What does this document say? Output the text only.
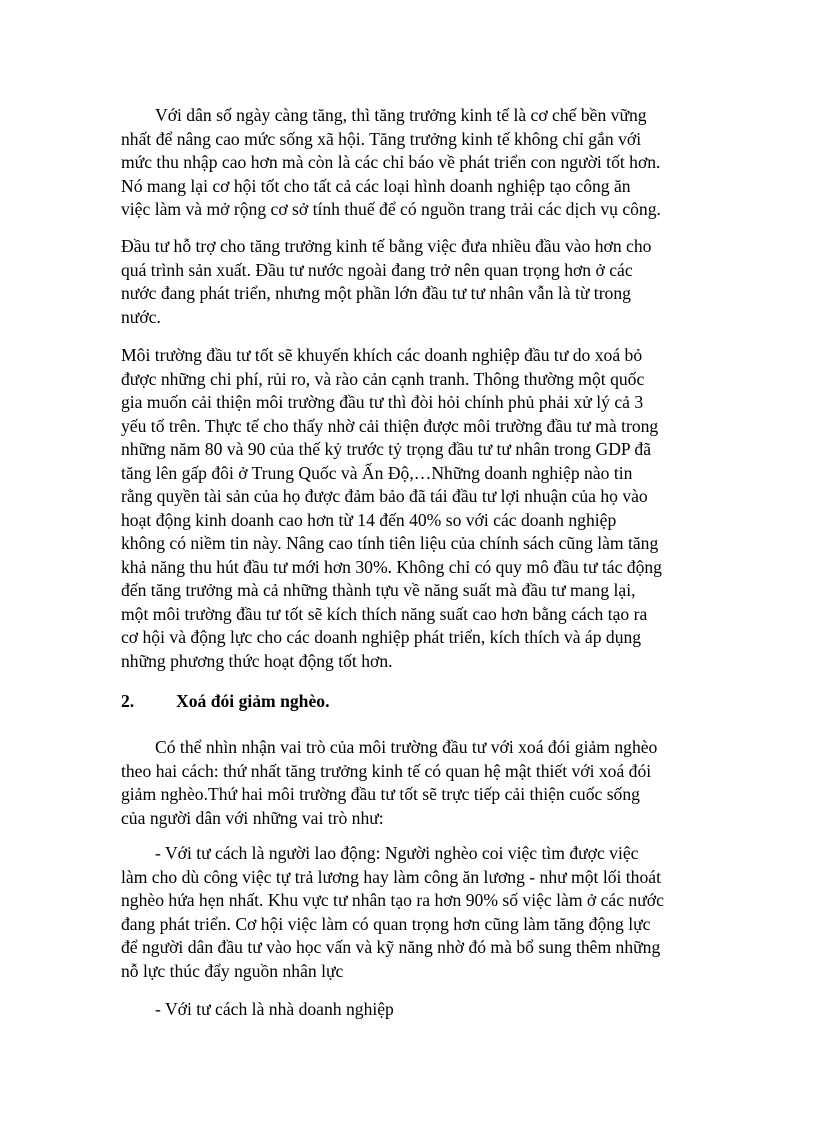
Với dân số ngày càng tăng, thì tăng trưởng kinh tế là cơ chế bền vững
nhất để nâng cao mức sống xã hội. Tăng trưởng kinh tế không chỉ gắn với
mức thu nhập cao hơn mà còn là các chỉ báo về phát triển con người tốt hơn.
Nó mang lại cơ hội tốt cho tất cả các loại hình doanh nghiệp tạo công ăn
việc làm và mở rộng cơ sở tính thuế để có nguồn trang trải các dịch vụ công.
Đầu tư hỗ trợ cho tăng trưởng kinh tế bằng việc đưa nhiều đầu vào hơn cho
quá trình sản xuất. Đầu tư nước ngoài đang trở nên quan trọng hơn ở các
nước đang phát triển, nhưng một phần lớn đầu tư tư nhân vẫn là từ trong
nước.
Môi trường đầu tư tốt sẽ khuyến khích các doanh nghiệp đầu tư do xoá bỏ
được những chi phí, rủi ro, và rào cản cạnh tranh. Thông thường một quốc
gia muốn cải thiện môi trường đầu tư thì đòi hỏi chính phủ phải xử lý cả 3
yếu tố trên. Thực tế cho thấy nhờ cải thiện được môi trường đầu tư mà trong
những năm 80 và 90 của thế kỷ trước tỷ trọng đầu tư tư nhân trong GDP đã
tăng lên gấp đôi ở Trung Quốc và Ấn Độ,…Những doanh nghiệp nào tin
rằng quyền tài sản của họ được đảm bảo đã tái đầu tư lợi nhuận của họ vào
hoạt động kinh doanh cao hơn từ 14 đến 40% so với các doanh nghiệp
không có niềm tin này. Nâng cao tính tiên liệu của chính sách cũng làm tăng
khả năng thu hút đầu tư mới hơn 30%. Không chỉ có quy mô đầu tư tác động
đến tăng trưởng mà cả những thành tựu về năng suất mà đầu tư mang lại,
một môi trường đầu tư tốt sẽ kích thích năng suất cao hơn bằng cách tạo ra
cơ hội và động lực cho các doanh nghiệp phát triển, kích thích và áp dụng
những phương thức hoạt động tốt hơn.
2. Xoá đói giảm nghèo.
Có thể nhìn nhận vai trò của môi trường đầu tư với xoá đói giảm nghèo
theo hai cách: thứ nhất tăng trưởng kinh tế có quan hệ mật thiết với xoá đói
giảm nghèo.Thứ hai môi trường đầu tư tốt sẽ trực tiếp cải thiện cuốc sống
của người dân với những vai trò như:
- Với tư cách là người lao động: Người nghèo coi việc tìm được việc
làm cho dù công việc tự trả lương hay làm công ăn lương - như một lối thoát
nghèo hứa hẹn nhất. Khu vực tư nhân tạo ra hơn 90% số việc làm ở các nước
đang phát triển. Cơ hội việc làm có quan trọng hơn cũng làm tăng động lực
để người dân đầu tư vào học vấn và kỹ năng nhờ đó mà bổ sung thêm những
nỗ lực thúc đẩy nguồn nhân lực
- Với tư cách là nhà doanh nghiệp
